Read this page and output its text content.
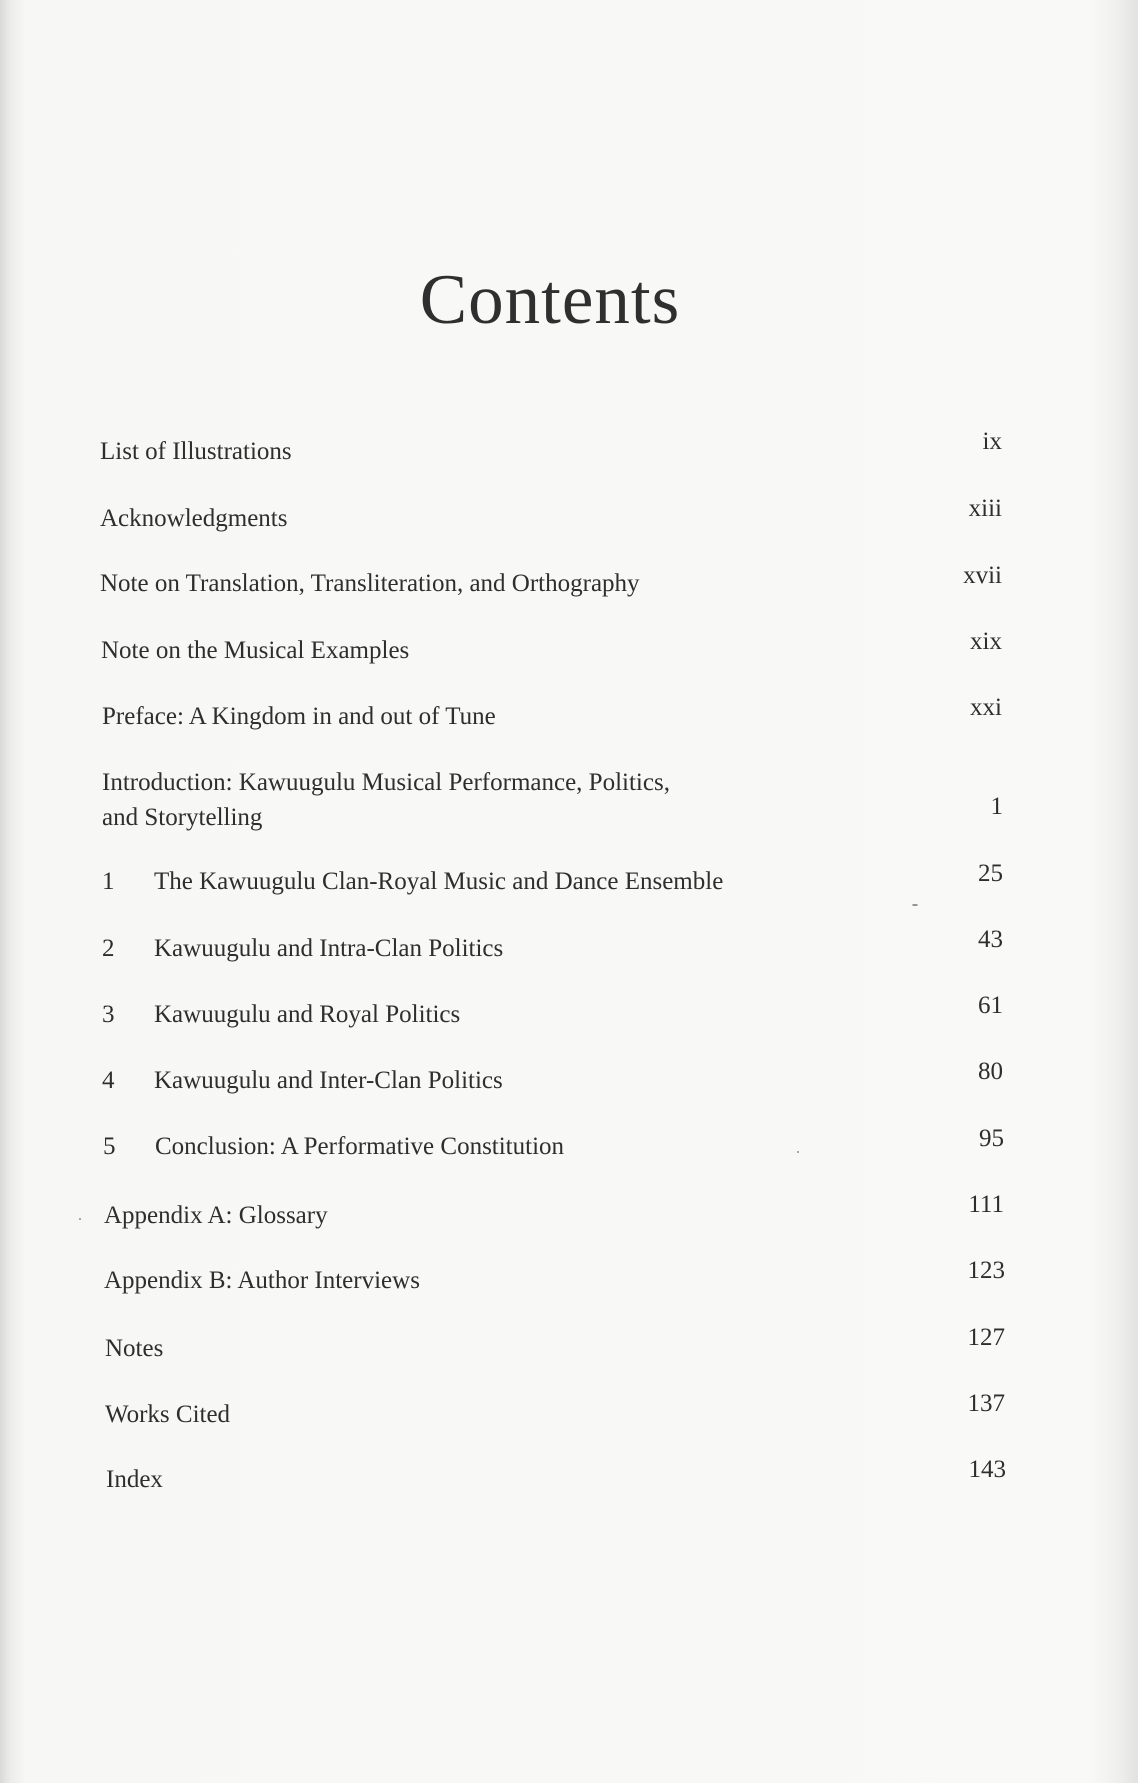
Contents
List of Illustrations	ix
Acknowledgments	xiii
Note on Translation, Transliteration, and Orthography	xvii
Note on the Musical Examples	xix
Preface: A Kingdom in and out of Tune	xxi
Introduction: Kawuugulu Musical Performance, Politics,
and Storytelling	1
1	The Kawuugulu Clan-Royal Music and Dance Ensemble	25
2	Kawuugulu and Intra-Clan Politics	43
3	Kawuugulu and Royal Politics	61
4	Kawuugulu and Inter-Clan Politics	80
5	Conclusion: A Performative Constitution	95
Appendix A: Glossary	111
Appendix B: Author Interviews	123
Notes	127
Works Cited	137
Index	143
